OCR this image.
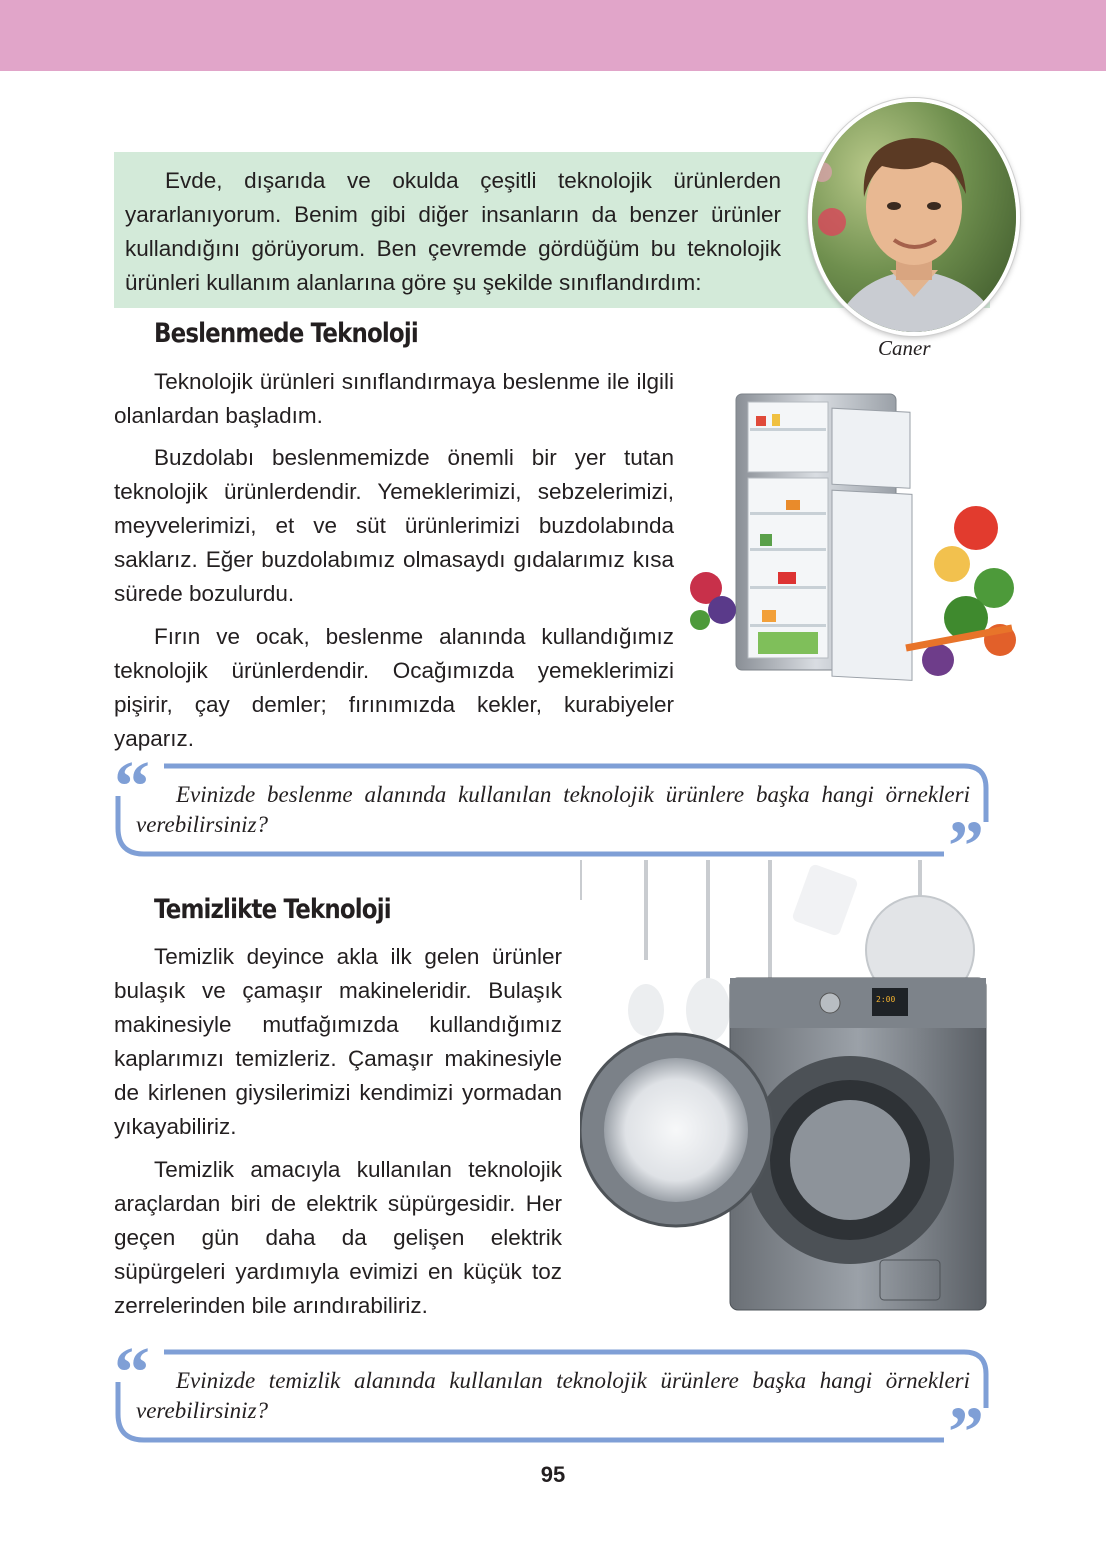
Evde, dışarıda ve okulda çeşitli teknolojik ürünlerden yararlanıyorum. Benim gibi diğer insanların da benzer ürünler kullandığını görüyorum. Ben çevremde gördüğüm bu teknolojik ürünleri kullanım alanlarına göre şu şekilde sınıflandırdım:

Caner
Beslenmede Teknoloji

Teknolojik ürünleri sınıflandırmaya beslenme ile ilgili olanlardan başladım.

Buzdolabı beslenmemizde önemli bir yer tutan teknolojik ürünlerdendir. Yemeklerimizi, sebzelerimizi, meyvelerimizi, et ve süt ürünlerimizi buzdolabında saklarız. Eğer buzdolabımız olmasaydı gıdalarımız kısa sürede bozulurdu.

Fırın ve ocak, beslenme alanında kullandığımız teknolojik ürünlerdendir. Ocağımızda yemeklerimizi pişirir, çay demler; fırınımızda kekler, kurabiyeler yaparız.

“
”

Evinizde beslenme alanında kullanılan teknolojik ürünlere başka hangi örnekleri verebilirsiniz?

Temizlikte Teknoloji

Temizlik deyince akla ilk gelen ürünler bulaşık ve çamaşır makineleridir. Bulaşık makinesiyle mutfağımızda kullandığımız kaplarımızı temizleriz. Çamaşır makinesiyle de kirlenen giysilerimizi kendimizi yormadan yıkayabiliriz.

Temizlik amacıyla kullanılan teknolojik araçlardan biri de elektrik süpürgesidir. Her geçen gün daha da gelişen elektrik süpürgeleri yardımıyla evimizi en küçük toz zerrelerinden bile arındırabiliriz.

2:00
“
”

Evinizde temizlik alanında kullanılan teknolojik ürünlere başka hangi örnekleri verebilirsiniz?

95
